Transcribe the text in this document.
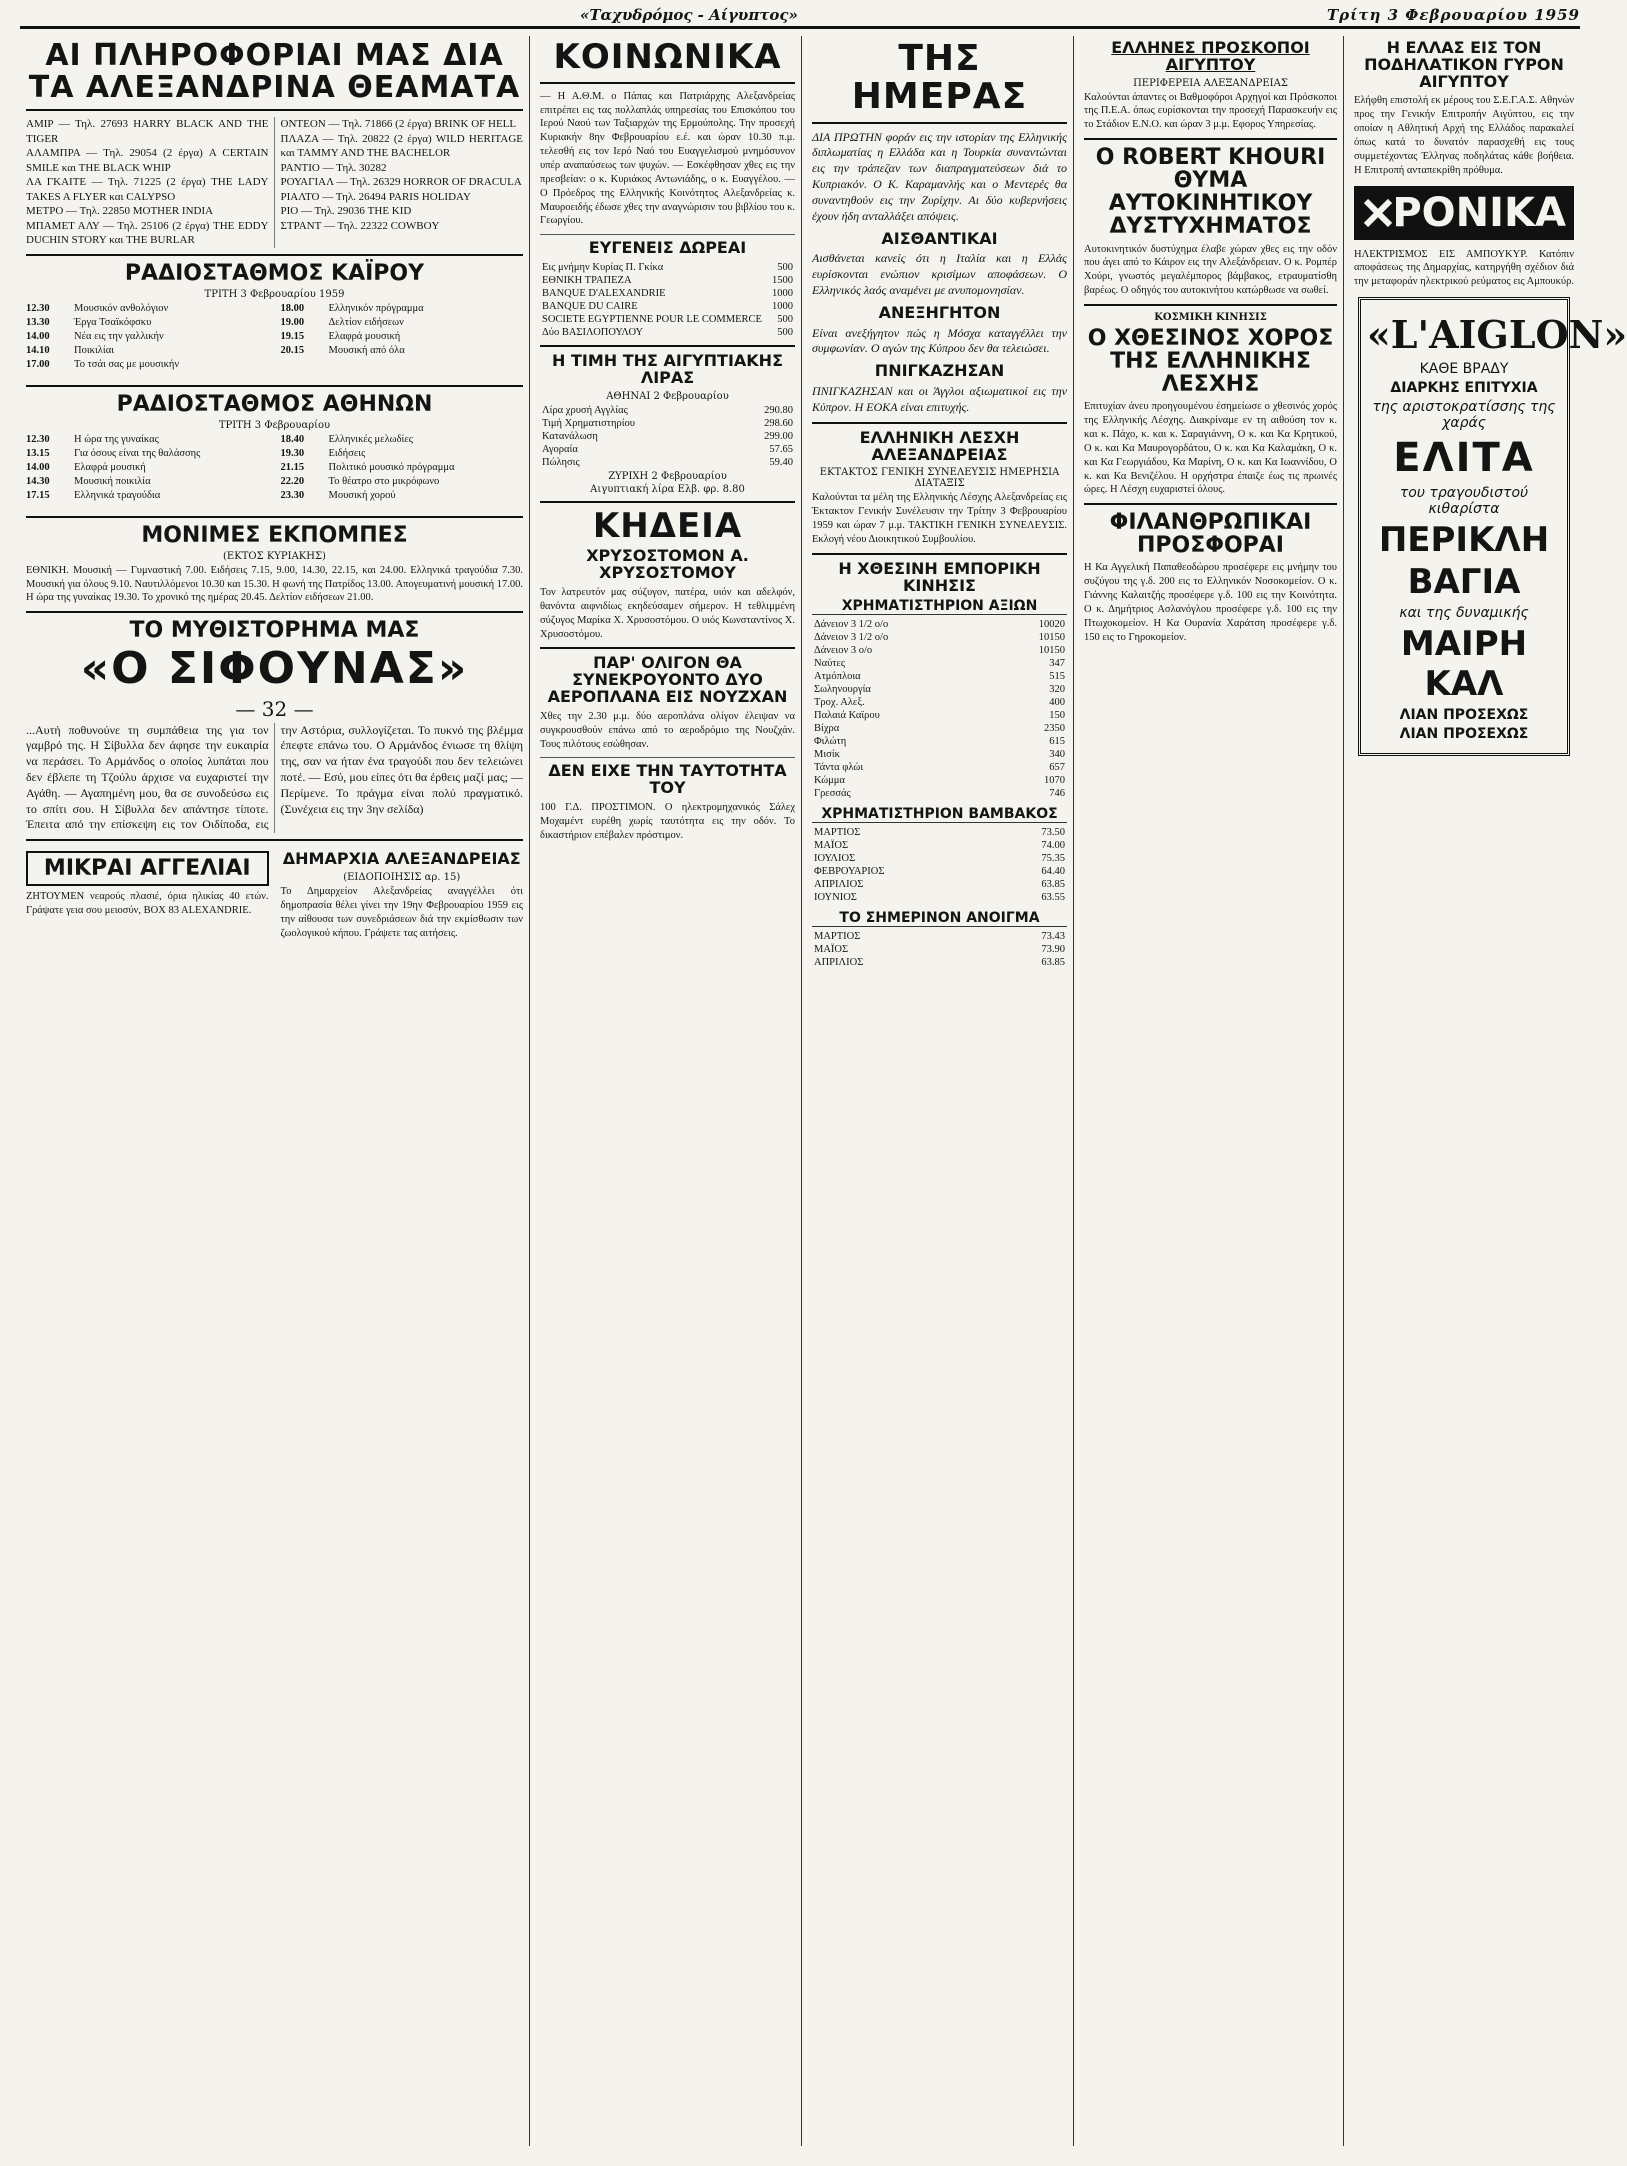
«Ταχυδρόμος - Αίγυπτος»	Τρίτη 3 Φεβρουαρίου 1959
ΑΙ ΠΛΗΡΟΦΟΡΙΑΙ ΜΑΣ ΔΙΑ ΤΑ ΑΛΕΞΑΝΔΡΙΝΑ ΘΕΑΜΑΤΑ
ΑΜΙΡ — Τηλ. 27693 HARRY BLACK AND THE TIGER
ΑΛΑΜΠΡΑ — Τηλ. 29054 (2 έργα) A CERTAIN SMILE και THE BLACK WHIP
ΛΑ ΓΚΑΙΤΕ — Τηλ. 71225 (2 έργα) THE LADY TAKES A FLYER και CALYPSO
ΜΕΤΡΟ — Τηλ. 22850 MOTHER INDIA
ΜΠΑΜΕΤ ΑΛΥ — Τηλ. 25106 (2 έργα) THE EDDY DUCHIN STORY και THE BURLAR
ΟΝΤΕΟΝ — Τηλ. 71866 (2 έργα) BRINK OF HELL
ΠΛΑΖΑ — Τηλ. 20822 (2 έργα) WILD HERITAGE και TAMMY AND THE BACHELOR
ΡΑΝΤΙΟ — Τηλ. 30282
ΡΟΥΑΓΙΑΛ — Τηλ. 26329 HORROR OF DRACULA
ΡΙΑΛΤΟ — Τηλ. 26494 PARIS HOLIDAY
ΡΙΟ — Τηλ. 29036 THE KID
ΣΤΡΑΝΤ — Τηλ. 22322 COWBOY
ΡΑΔΙΟΣΤΑΘΜΟΣ ΚΑΪΡΟΥ
ΤΡΙΤΗ 3 Φεβρουαρίου 1959
12.30	Μουσικόν ανθολόγιον
13.30	Έργα Τσαϊκόφσκυ
14.00	Νέα εις την γαλλικήν
14.10	Ποικιλίαι
17.00	Το τσάι σας με μουσικήν
18.00	Ελληνικόν πρόγραμμα
19.00	Δελτίον ειδήσεων
19.15	Ελαφρά μουσική
20.15	Μουσική από όλα
ΡΑΔΙΟΣΤΑΘΜΟΣ ΑΘΗΝΩΝ
ΤΡΙΤΗ 3 Φεβρουαρίου
12.30	Η ώρα της γυναίκας
13.15	Για όσους είναι της θαλάσσης
14.00	Ελαφρά μουσική
14.30	Μουσική ποικιλία
17.15	Ελληνικά τραγούδια
18.40	Ελληνικές μελωδίες
19.30	Ειδήσεις
21.15	Πολιτικό μουσικό πρόγραμμα
22.20	Το θέατρο στο μικρόφωνο
23.30	Μουσική χορού
ΜΟΝΙΜΕΣ ΕΚΠΟΜΠΕΣ
(ΕΚΤΟΣ ΚΥΡΙΑΚΗΣ)

ΕΘΝΙΚΗ. Μουσική — Γυμναστική 7.00. Ειδήσεις 7.15, 9.00, 14.30, 22.15, και 24.00. Ελληνικά τραγούδια 7.30. Μουσική για όλους 9.10. Ναυτιλλόμενοι 10.30 και 15.30. Η φωνή της Πατρίδος 13.00. Απογευματινή μουσική 17.00. Η ώρα της γυναίκας 19.30. Το χρονικό της ημέρας 20.45. Δελτίον ειδήσεων 21.00.

ΤΟ ΜΥΘΙΣΤΟΡΗΜΑ ΜΑΣ
«Ο ΣΙΦΟΥΝΑΣ»
— 32 —

...Αυτή ποθυνούνε τη συμπάθεια της για τον γαμβρό της. Η Σίβυλλα δεν άφησε την ευκαιρία να περάσει. Το Αρμάνδος ο οποίος λυπάται που δεν έβλεπε τη Τζούλυ άρχισε να ευχαριστεί την Αγάθη. — Αγαπημένη μου, θα σε συνοδεύσω εις το σπίτι σου. Η Σίβυλλα δεν απάντησε τίποτε. Έπειτα από την επίσκεψη εις τον Οιδίποδα, εις την Αστόρια, συλλογίζεται. Το πυκνό της βλέμμα έπεφτε επάνω του. Ο Αρμάνδος ένιωσε τη θλίψη της, σαν να ήταν ένα τραγούδι που δεν τελειώνει ποτέ. — Εσύ, μου είπες ότι θα έρθεις μαζί μας; — Περίμενε. Το πράγμα είναι πολύ πραγματικό. (Συνέχεια εις την 3ην σελίδα)

ΜΙΚΡΑΙ ΑΓΓΕΛΙΑΙ

ΖΗΤΟΥΜΕΝ νεαρούς πλασιέ, όρια ηλικίας 40 ετών. Γράψατε γεια σου μειοσύν, BOX 83 ALEXANDRIE.

ΔΗΜΑΡΧΙΑ ΑΛΕΞΑΝΔΡΕΙΑΣ
(ΕΙΔΟΠΟΙΗΣΙΣ αρ. 15)

Το Δημαρχείον Αλεξανδρείας αναγγέλλει ότι δημοπρασία θέλει γίνει την 19ην Φεβρουαρίου 1959 εις την αίθουσα των συνεδριάσεων διά την εκμίσθωσιν των ζωολογικού κήπου. Γράψετε τας αιτήσεις.

ΚΟΙΝΩΝΙΚΑ

— Η Α.Θ.Μ. ο Πάπας και Πατριάρχης Αλεξανδρείας επιτρέπει εις τας πολλαπλάς υπηρεσίας του Επισκόπου του Ιερού Ναού των Ταξιαρχών της Ερμούπολης. Την προσεχή Κυριακήν 8ην Φεβρουαρίου ε.έ. και ώραν 10.30 π.μ. τελεσθή εις τον Ιερό Ναό του Ευαγγελισμού μνημόσυνον υπέρ αναπαύσεως των ψυχών. — Εσκέφθησαν χθες εις την πρεσβείαν: ο κ. Κυριάκος Αντωνιάδης, ο κ. Ευαγγέλου. — Ο Πρόεδρος της Ελληνικής Κοινότητος Αλεξανδρείας κ. Μαυροειδής έδωσε χθες την αναγνώρισιν του βιβλίου του κ. Γεωργίου.

ΕΥΓΕΝΕΙΣ ΔΩΡΕΑΙ
Εις μνήμην Κυρίας Π. Γκίκα	500
ΕΘΝΙΚΗ ΤΡΑΠΕΖΑ	1500
BANQUE D'ALEXANDRIE	1000
BANQUE DU CAIRE	1000
SOCIETE EGYPTIENNE POUR LE COMMERCE	500
Δύο ΒΑΣΙΛΟΠΟΥΛΟΥ	500
Η ΤΙΜΗ ΤΗΣ ΑΙΓΥΠΤΙΑΚΗΣ ΛΙΡΑΣ
ΑΘΗΝΑΙ 2 Φεβρουαρίου
Λίρα χρυσή Αγγλίας	290.80
Τιμή Χρηματιστηρίου	298.60
Κατανάλωση	299.00
Αγοραία	57.65
Πώλησις	59.40
ΖΥΡΙΧΗ 2 Φεβρουαρίου
Αιγυπτιακή λίρα Ελβ. φρ. 8.80
ΚΗΔΕΙΑ
ΧΡΥΣΟΣΤΟΜΟΝ Α. ΧΡΥΣΟΣΤΟΜΟΥ

Τον λατρευτόν μας σύζυγον, πατέρα, υιόν και αδελφόν, θανόντα αιφνιδίως εκηδεύσαμεν σήμερον. Η τεθλιμμένη σύζυγος Μαρίκα Χ. Χρυσοστόμου. Ο υιός Κωνσταντίνος Χ. Χρυσοστόμου.

ΠΑΡ' ΟΛΙΓΟΝ ΘΑ ΣΥΝΕΚΡΟΥΟΝΤΟ ΔΥΟ ΑΕΡΟΠΛΑΝΑ ΕΙΣ ΝΟΥΖΧΑΝ

Χθες την 2.30 μ.μ. δύο αεροπλάνα ολίγον έλειψαν να συγκρουσθούν επάνω από το αεροδρόμιο της Νουζχάν. Τους πιλότους εσώθησαν.

ΔΕΝ ΕΙΧΕ ΤΗΝ ΤΑΥΤΟΤΗΤΑ ΤΟΥ

100 Γ.Δ. ΠΡΟΣΤΙΜΟΝ. Ο ηλεκτρομηχανικός Σάλεχ Μοχαμέντ ευρέθη χωρίς ταυτότητα εις την οδόν. Το δικαστήριον επέβαλεν πρόστιμον.

ΤΗΣ ΗΜΕΡΑΣ

ΔΙΑ ΠΡΩΤΗΝ φοράν εις την ιστορίαν της Ελληνικής διπλωματίας η Ελλάδα και η Τουρκία συναντώνται εις την τράπεζαν των διαπραγματεύσεων διά το Κυπριακόν. Ο Κ. Καραμανλής και ο Μεντερές θα συναντηθούν εις την Ζυρίχην. Αι δύο κυβερνήσεις έχουν ήδη ανταλλάξει απόψεις.

ΑΙΣΘΑΝΤΙΚΑΙ

Αισθάνεται κανείς ότι η Ιταλία και η Ελλάς ευρίσκονται ενώπιον κρισίμων αποφάσεων. Ο Ελληνικός λαός αναμένει με ανυπομονησίαν.

ΑΝΕΞΗΓΗΤΟΝ

Είναι ανεξήγητον πώς η Μόσχα καταγγέλλει την συμφωνίαν. Ο αγών της Κύπρου δεν θα τελειώσει.

ΠΝΙΓΚΑΖΗΣΑΝ

ΠΝΙΓΚΑΖΗΣΑΝ και οι Άγγλοι αξιωματικοί εις την Κύπρον. Η ΕΟΚΑ είναι επιτυχής.

ΕΛΛΗΝΙΚΗ ΛΕΣΧΗ ΑΛΕΞΑΝΔΡΕΙΑΣ
ΕΚΤΑΚΤΟΣ ΓΕΝΙΚΗ ΣΥΝΕΛΕΥΣΙΣ ΗΜΕΡΗΣΙΑ ΔΙΑΤΑΞΙΣ

Καλούνται τα μέλη της Ελληνικής Λέσχης Αλεξανδρείας εις Έκτακτον Γενικήν Συνέλευσιν την Τρίτην 3 Φεβρουαρίου 1959 και ώραν 7 μ.μ. ΤΑΚΤΙΚΗ ΓΕΝΙΚΗ ΣΥΝΕΛΕΥΣΙΣ. Εκλογή νέου Διοικητικού Συμβουλίου.

Η ΧΘΕΣΙΝΗ ΕΜΠΟΡΙΚΗ ΚΙΝΗΣΙΣ
ΧΡΗΜΑΤΙΣΤΗΡΙΟΝ ΑΞΙΩΝ
Δάνειον 3 1/2 ο/ο	10020
Δάνειον 3 1/2 ο/ο	10150
Δάνειον 3 ο/ο	10150
Ναύτες	347
Ατμόπλοια	515
Σωληνουργία	320
Τροχ. Αλεξ.	400
Παλαιά Καϊρου	150
Βίχρα	2350
Φιλώτη	615
Μισίκ	340
Τάντα φλώι	657
Κώμμα	1070
Γρεσσάς	746
ΧΡΗΜΑΤΙΣΤΗΡΙΟΝ ΒΑΜΒΑΚΟΣ
ΜΑΡΤΙΟΣ	73.50
ΜΑΪΟΣ	74.00
ΙΟΥΛΙΟΣ	75.35
ΦΕΒΡΟΥΑΡΙΟΣ	64.40
ΑΠΡΙΛΙΟΣ	63.85
ΙΟΥΝΙΟΣ	63.55
ΤΟ ΣΗΜΕΡΙΝΟΝ ΑΝΟΙΓΜΑ
ΜΑΡΤΙΟΣ	73.43
ΜΑΪΟΣ	73.90
ΑΠΡΙΛΙΟΣ	63.85
ΕΛΛΗΝΕΣ ΠΡΟΣΚΟΠΟΙ ΑΙΓΥΠΤΟΥ
ΠΕΡΙΦΕΡΕΙΑ ΑΛΕΞΑΝΔΡΕΙΑΣ

Καλούνται άπαντες οι Βαθμοφόροι Αρχηγοί και Πρόσκοποι της Π.Ε.Α. όπως ευρίσκονται την προσεχή Παρασκευήν εις το Στάδιον Ε.Ν.Ο. και ώραν 3 μ.μ. Εφορος Υπηρεσίας.

Ο ROBERT KHOURI ΘΥΜΑ ΑΥΤΟΚΙΝΗΤΙΚΟΥ ΔΥΣΤΥΧΗΜΑΤΟΣ

Αυτοκινητικόν δυστύχημα έλαβε χώραν χθες εις την οδόν που άγει από το Κάιρον εις την Αλεξάνδρειαν. Ο κ. Ρομπέρ Χούρι, γνωστός μεγαλέμπορος βάμβακος, ετραυματίσθη βαρέως. Ο οδηγός του αυτοκινήτου κατώρθωσε να σωθεί.

ΚΟΣΜΙΚΗ ΚΙΝΗΣΙΣ
Ο ΧΘΕΣΙΝΟΣ ΧΟΡΟΣ ΤΗΣ ΕΛΛΗΝΙΚΗΣ ΛΕΣΧΗΣ

Επιτυχίαν άνευ προηγουμένου έσημείωσε ο χθεσινός χορός της Ελληνικής Λέσχης. Διακρίναμε εν τη αιθούση τον κ. και κ. Πάχο, κ. και κ. Σαραγιάννη, Ο κ. και Κα Κρητικού, Ο κ. και Κα Μαυρογορδάτου, Ο κ. και Κα Καλαμάκη, Ο κ. και Κα Γεωργιάδου, Κα Μαρίνη, Ο κ. και Κα Ιωαννίδου, Ο κ. και Κα Βενιζέλου. Η ορχήστρα έπαιζε έως τις πρωινές ώρες. Η Λέσχη ευχαριστεί όλους.

ΦΙΛΑΝΘΡΩΠΙΚΑΙ ΠΡΟΣΦΟΡΑΙ

Η Κα Αγγελική Παπαθεοδώρου προσέφερε εις μνήμην του συζύγου της γ.δ. 200 εις το Ελληνικόν Νοσοκομείον. Ο κ. Γιάννης Καλαιτζής προσέφερε γ.δ. 100 εις την Κοινότητα. Ο κ. Δημήτριος Ασλανόγλου προσέφερε γ.δ. 100 εις την Πτωχοκομείον. Η Κα Ουρανία Χαράτση προσέφερε γ.δ. 150 εις το Γηροκομείον.

Η ΕΛΛΑΣ ΕΙΣ ΤΟΝ ΠΟΔΗΛΑΤΙΚΟΝ ΓΥΡΟΝ ΑΙΓΥΠΤΟΥ

Ελήφθη επιστολή εκ μέρους του Σ.Ε.Γ.Α.Σ. Αθηνών προς την Γενικήν Επιτροπήν Αιγύπτου, εις την οποίαν η Αθλητική Αρχή της Ελλάδος παρακαλεί όπως κατά το δυνατόν παρασχεθή εις τους συμμετέχοντας Έλληνας ποδηλάτας κάθε βοήθεια. Η Επιτροπή ανταπεκρίθη πρόθυμα.

ΡΟΝΙΚΑ

ΗΛΕΚΤΡΙΣΜΟΣ ΕΙΣ ΑΜΠΟΥΚΥΡ. Κατόπιν αποφάσεως της Δημαρχίας, κατηργήθη σχέδιον διά την μεταφοράν ηλεκτρικού ρεύματος εις Αμπουκύρ.

«L'AIGLON»
ΚΑΘΕ ΒΡΑΔΥ
ΔΙΑΡΚΗΣ ΕΠΙΤΥΧΙΑ
της αριστοκρατίσσης της χαράς
ΕΛΙΤΑ
του τραγουδιστού κιθαρίστα
ΠΕΡΙΚΛΗ
ΒΑΓΙΑ
και της δυναμικής
ΜΑΙΡΗ ΚΑΛ
ΛΙΑΝ ΠΡΟΣΕΧΩΣ
ΛΙΑΝ ΠΡΟΣΕΧΩΣ
